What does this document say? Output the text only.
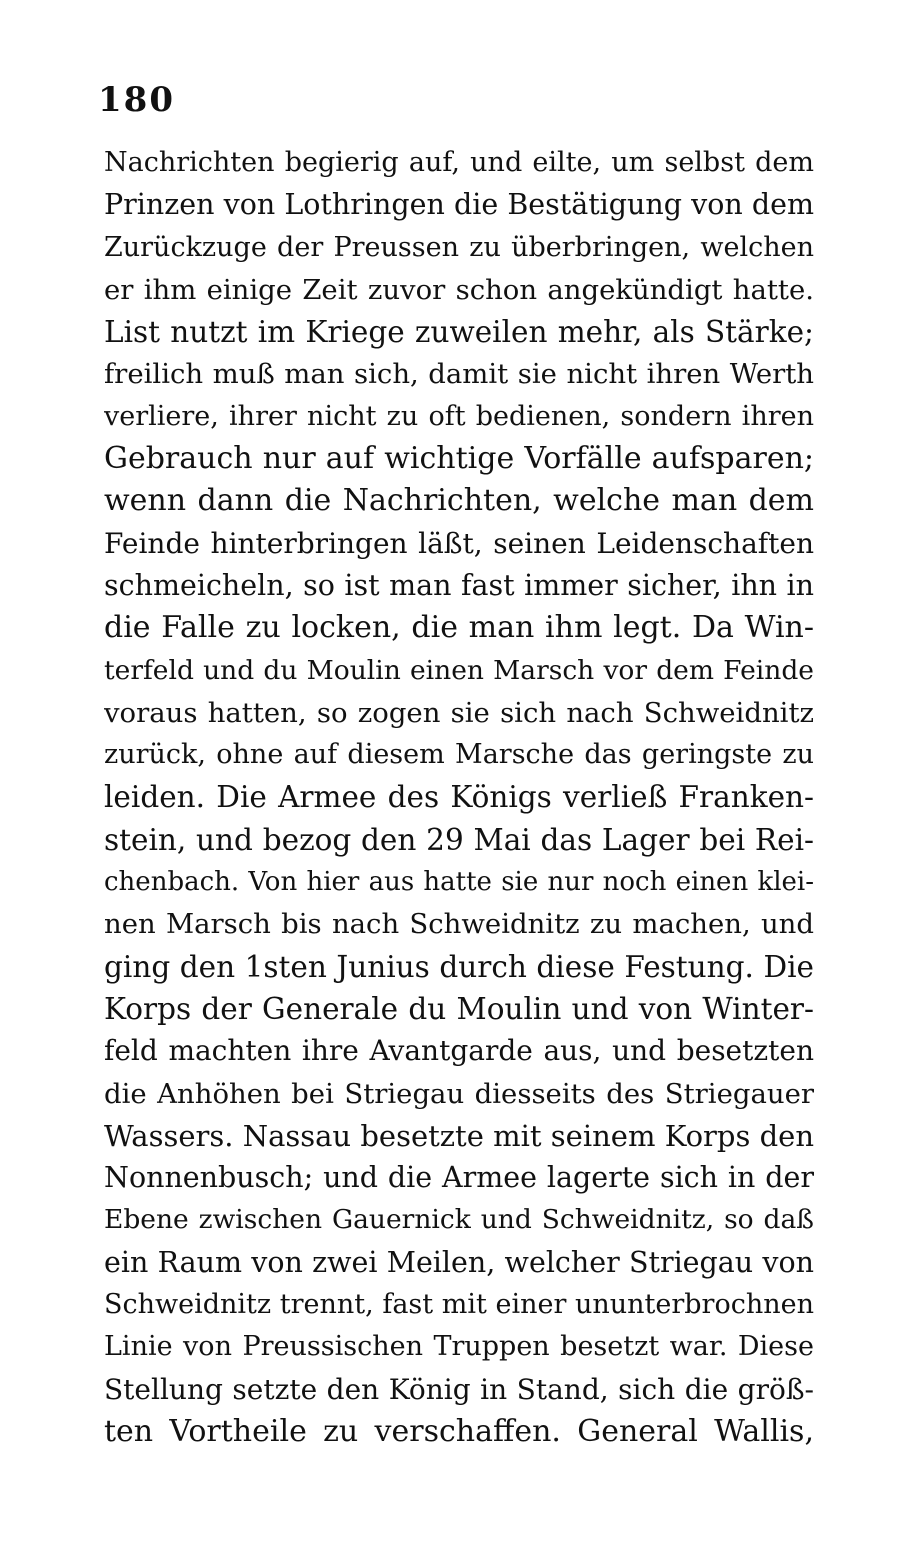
180
Nachrichten begierig auf, und eilte, um selbst dem
Prinzen von Lothringen die Bestätigung von dem
Zurückzuge der Preussen zu überbringen, welchen
er ihm einige Zeit zuvor schon angekündigt hatte.
List nutzt im Kriege zuweilen mehr, als Stärke;
freilich muß man sich, damit sie nicht ihren Werth
verliere, ihrer nicht zu oft bedienen, sondern ihren
Gebrauch nur auf wichtige Vorfälle aufsparen;
wenn dann die Nachrichten, welche man dem
Feinde hinterbringen läßt, seinen Leidenschaften
schmeicheln, so ist man fast immer sicher, ihn in
die Falle zu locken, die man ihm legt. Da Win-
terfeld und du Moulin einen Marsch vor dem Feinde
voraus hatten, so zogen sie sich nach Schweidnitz
zurück, ohne auf diesem Marsche das geringste zu
leiden. Die Armee des Königs verließ Franken-
stein, und bezog den 29 Mai das Lager bei Rei-
chenbach. Von hier aus hatte sie nur noch einen klei-
nen Marsch bis nach Schweidnitz zu machen, und
ging den 1sten Junius durch diese Festung. Die
Korps der Generale du Moulin und von Winter-
feld machten ihre Avantgarde aus, und besetzten
die Anhöhen bei Striegau diesseits des Striegauer
Wassers. Nassau besetzte mit seinem Korps den
Nonnenbusch; und die Armee lagerte sich in der
Ebene zwischen Gauernick und Schweidnitz, so daß
ein Raum von zwei Meilen, welcher Striegau von
Schweidnitz trennt, fast mit einer ununterbrochnen
Linie von Preussischen Truppen besetzt war. Diese
Stellung setzte den König in Stand, sich die größ-
ten Vortheile zu verschaffen. General Wallis,
